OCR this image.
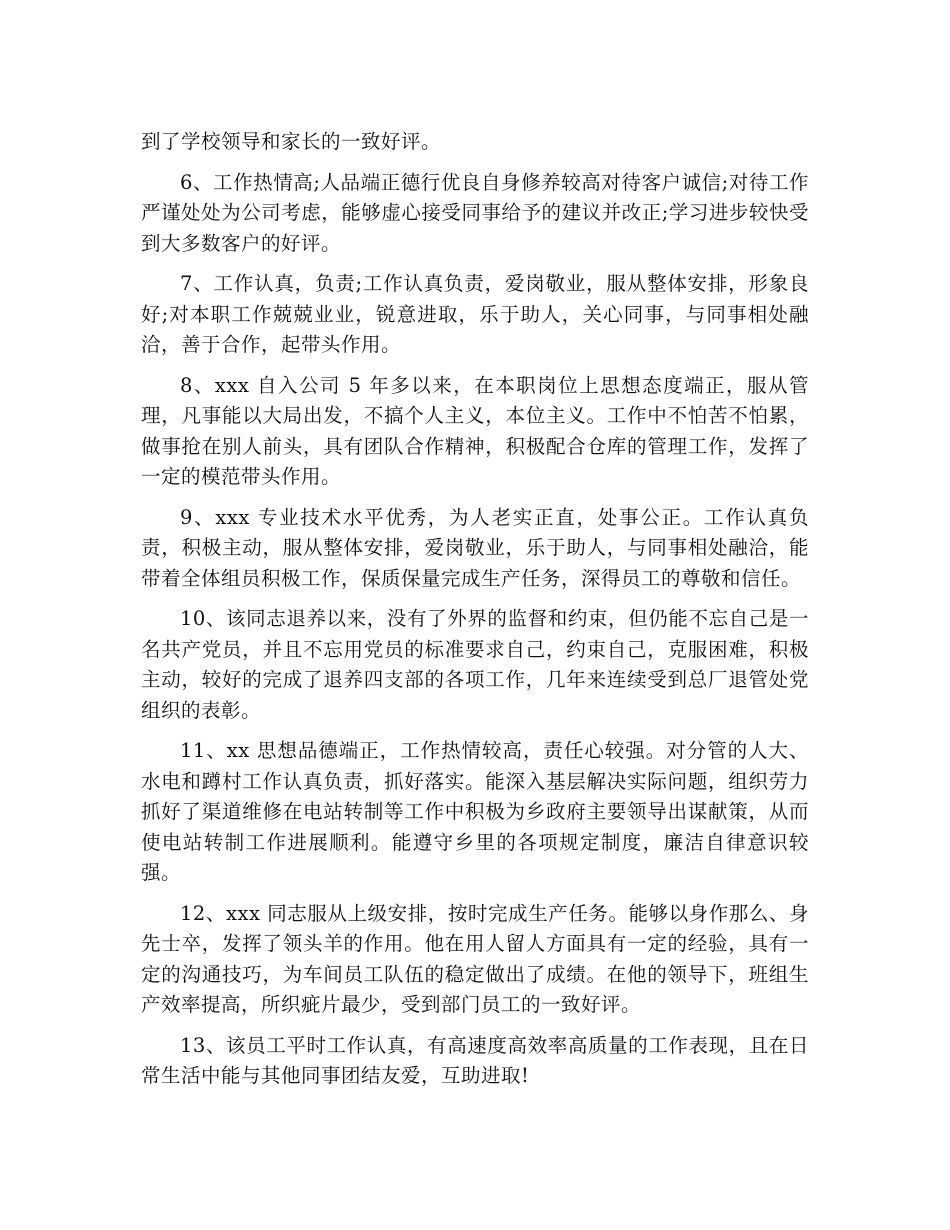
到了学校领导和家长的一致好评。

6、工作热情高;人品端正德行优良自身修养较高对待客户诚信;对待工作严谨处处为公司考虑，能够虚心接受同事给予的建议并改正;学习进步较快受到大多数客户的好评。

7、工作认真，负责;工作认真负责，爱岗敬业，服从整体安排，形象良好;对本职工作兢兢业业，锐意进取，乐于助人，关心同事，与同事相处融洽，善于合作，起带头作用。

8、xxx 自入公司 5 年多以来，在本职岗位上思想态度端正，服从管理，凡事能以大局出发，不搞个人主义，本位主义。工作中不怕苦不怕累，做事抢在别人前头，具有团队合作精神，积极配合仓库的管理工作，发挥了一定的模范带头作用。

9、xxx 专业技术水平优秀，为人老实正直，处事公正。工作认真负责，积极主动，服从整体安排，爱岗敬业，乐于助人，与同事相处融洽，能带着全体组员积极工作，保质保量完成生产任务，深得员工的尊敬和信任。

10、该同志退养以来，没有了外界的监督和约束，但仍能不忘自己是一名共产党员，并且不忘用党员的标准要求自己，约束自己，克服困难，积极主动，较好的完成了退养四支部的各项工作，几年来连续受到总厂退管处党组织的表彰。

11、xx 思想品德端正，工作热情较高，责任心较强。对分管的人大、水电和蹲村工作认真负责，抓好落实。能深入基层解决实际问题，组织劳力抓好了渠道维修在电站转制等工作中积极为乡政府主要领导出谋献策，从而使电站转制工作进展顺利。能遵守乡里的各项规定制度，廉洁自律意识较强。

12、xxx 同志服从上级安排，按时完成生产任务。能够以身作那么、身先士卒，发挥了领头羊的作用。他在用人留人方面具有一定的经验，具有一定的沟通技巧，为车间员工队伍的稳定做出了成绩。在他的领导下，班组生产效率提高，所织疵片最少，受到部门员工的一致好评。

13、该员工平时工作认真，有高速度高效率高质量的工作表现，且在日常生活中能与其他同事团结友爱，互助进取!
